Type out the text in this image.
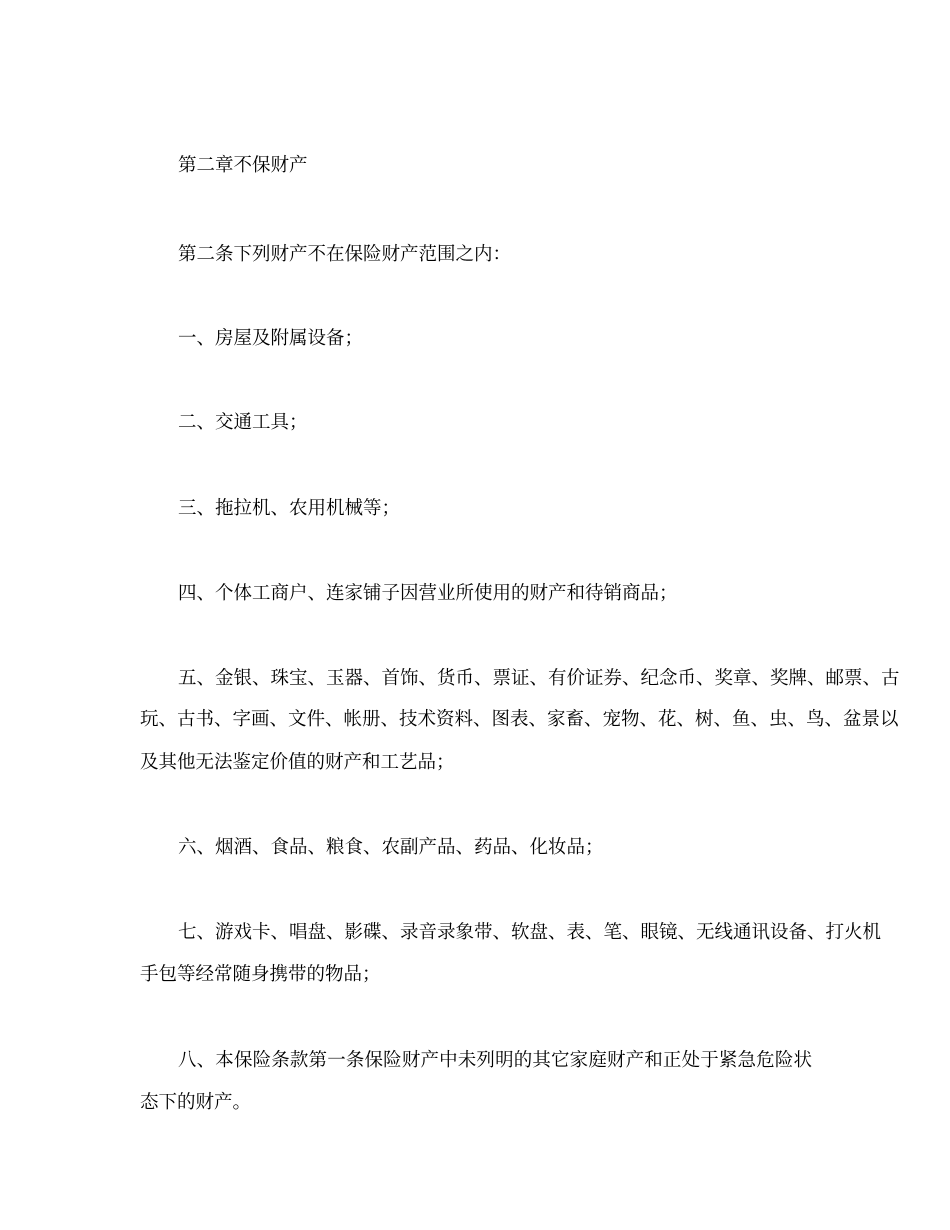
第二章不保财产
第二条下列财产不在保险财产范围之内：
一、房屋及附属设备；
二、交通工具；
三、拖拉机、农用机械等；
四、个体工商户、连家铺子因营业所使用的财产和待销商品；
五、金银、珠宝、玉器、首饰、货币、票证、有价证券、纪念币、奖章、奖牌、邮票、古
玩、古书、字画、文件、帐册、技术资料、图表、家畜、宠物、花、树、鱼、虫、鸟、盆景以
及其他无法鉴定价值的财产和工艺品；
六、烟酒、食品、粮食、农副产品、药品、化妆品；
七、游戏卡、唱盘、影碟、录音录象带、软盘、表、笔、眼镜、无线通讯设备、打火机
手包等经常随身携带的物品；
八、本保险条款第一条保险财产中未列明的其它家庭财产和正处于紧急危险状
态下的财产。
